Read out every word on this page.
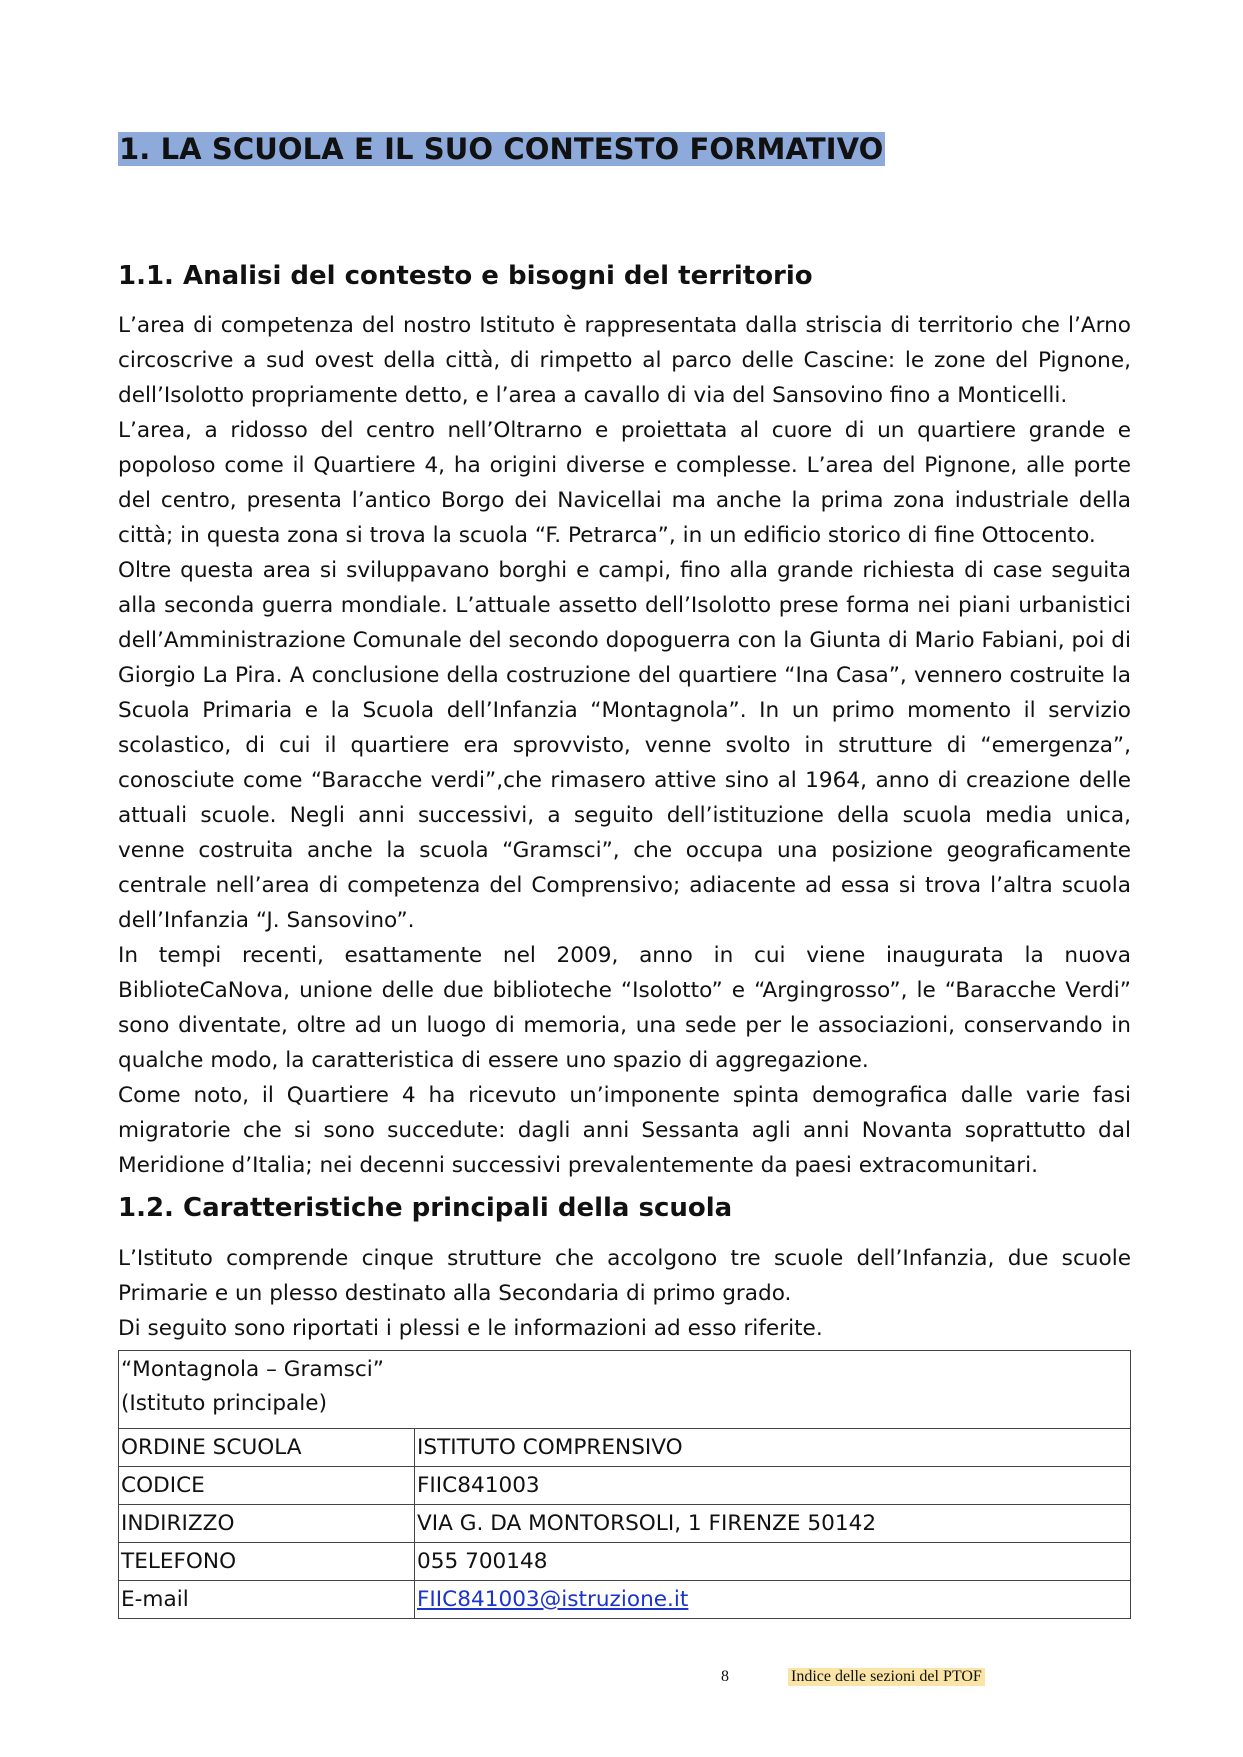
1. LA SCUOLA E IL SUO CONTESTO FORMATIVO
1.1. Analisi del contesto e bisogni del territorio

L’area di competenza del nostro Istituto è rappresentata dalla striscia di territorio che l’Arno circoscrive a sud ovest della città, di rimpetto al parco delle Cascine: le zone del Pignone, dell’Isolotto propriamente detto, e l’area a cavallo di via del Sansovino fino a Monticelli.

L’area, a ridosso del centro nell’Oltrarno e proiettata al cuore di un quartiere grande e popoloso come il Quartiere 4, ha origini diverse e complesse. L’area del Pignone, alle porte del centro, presenta l’antico Borgo dei Navicellai ma anche la prima zona industriale della città; in questa zona si trova la scuola “F. Petrarca”, in un edificio storico di fine Ottocento.

Oltre questa area si sviluppavano borghi e campi, fino alla grande richiesta di case seguita alla seconda guerra mondiale. L’attuale assetto dell’Isolotto prese forma nei piani urbanistici dell’Amministrazione Comunale del secondo dopoguerra con la Giunta di Mario Fabiani, poi di Giorgio La Pira. A conclusione della costruzione del quartiere “Ina Casa”, vennero costruite la Scuola Primaria e la Scuola dell’Infanzia “Montagnola”. In un primo momento il servizio scolastico, di cui il quartiere era sprovvisto, venne svolto in strutture di “emergenza”, conosciute come “Baracche verdi”,che rimasero attive sino al 1964, anno di creazione delle attuali scuole. Negli anni successivi, a seguito dell’istituzione della scuola media unica, venne costruita anche la scuola “Gramsci”, che occupa una posizione geograficamente centrale nell’area di competenza del Comprensivo; adiacente ad essa si trova l’altra scuola dell’Infanzia “J. Sansovino”.

In tempi recenti, esattamente nel 2009, anno in cui viene inaugurata la nuova BiblioteCaNova, unione delle due biblioteche “Isolotto” e “Argingrosso”, le “Baracche Verdi” sono diventate, oltre ad un luogo di memoria, una sede per le associazioni, conservando in qualche modo, la caratteristica di essere uno spazio di aggregazione.

Come noto, il Quartiere 4 ha ricevuto un’imponente spinta demografica dalle varie fasi migratorie che si sono succedute: dagli anni Sessanta agli anni Novanta soprattutto dal Meridione d’Italia; nei decenni successivi prevalentemente da paesi extracomunitari.

1.2. Caratteristiche principali della scuola

L’Istituto comprende cinque strutture che accolgono tre scuole dell’Infanzia, due scuole Primarie e un plesso destinato alla Secondaria di primo grado.

Di seguito sono riportati i plessi e le informazioni ad esso riferite.

“Montagnola – Gramsci”
(Istituto principale)	

ORDINE SCUOLA	ISTITUTO COMPRENSIVO
CODICE	FIIC841003
INDIRIZZO	VIA G. DA MONTORSOLI, 1 FIRENZE 50142
TELEFONO	055 700148
E-mail	FIIC841003@istruzione.it
8	Indice delle sezioni del PTOF
